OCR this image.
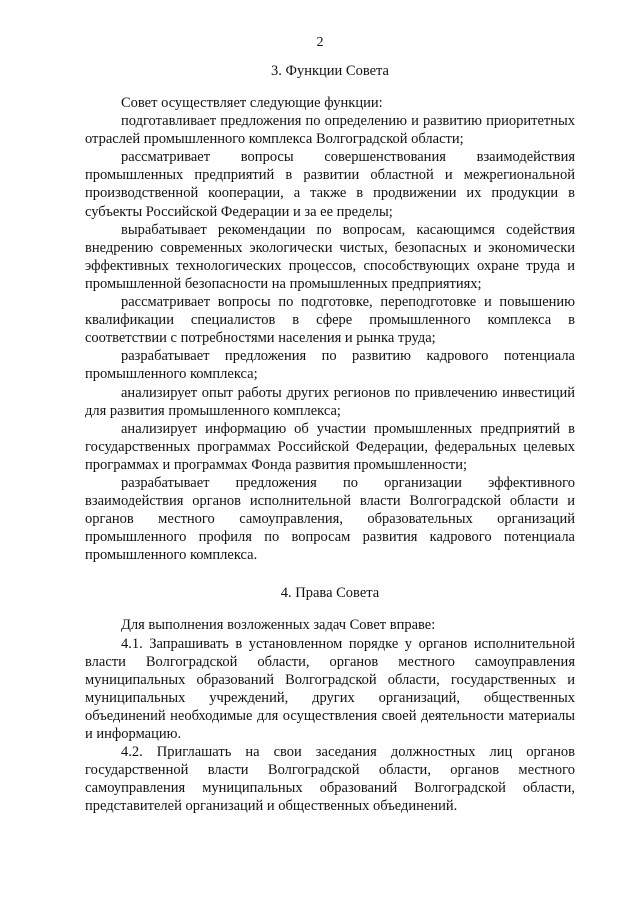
2

3. Функции Совета

Совет осуществляет следующие функции:

подготавливает предложения по определению и развитию приоритетных отраслей промышленного комплекса Волгоградской области;

рассматривает вопросы совершенствования взаимодействия промышленных предприятий в развитии областной и межрегиональной производственной кооперации, а также в продвижении их продукции в субъекты Российской Федерации и за ее пределы;

вырабатывает рекомендации по вопросам, касающимся содействия внедрению современных экологически чистых, безопасных и экономически эффективных технологических процессов, способствующих охране труда и промышленной безопасности на промышленных предприятиях;

рассматривает вопросы по подготовке, переподготовке и повышению квалификации специалистов в сфере промышленного комплекса в соответствии с потребностями населения и рынка труда;

разрабатывает предложения по развитию кадрового потенциала промышленного комплекса;

анализирует опыт работы других регионов по привлечению инвестиций для развития промышленного комплекса;

анализирует информацию об участии промышленных предприятий в государственных программах Российской Федерации, федеральных целевых программах и программах Фонда развития промышленности;

разрабатывает предложения по организации эффективного взаимодействия органов исполнительной власти Волгоградской области и органов местного самоуправления, образовательных организаций промышленного профиля по вопросам развития кадрового потенциала промышленного комплекса.

4. Права Совета

Для выполнения возложенных задач Совет вправе:

4.1. Запрашивать в установленном порядке у органов исполнительной власти Волгоградской области, органов местного самоуправления муниципальных образований Волгоградской области, государственных и муниципальных учреждений, других организаций, общественных объединений необходимые для осуществления своей деятельности материалы и информацию.

4.2. Приглашать на свои заседания должностных лиц органов государственной власти Волгоградской области, органов местного самоуправления муниципальных образований Волгоградской области, представителей организаций и общественных объединений.
